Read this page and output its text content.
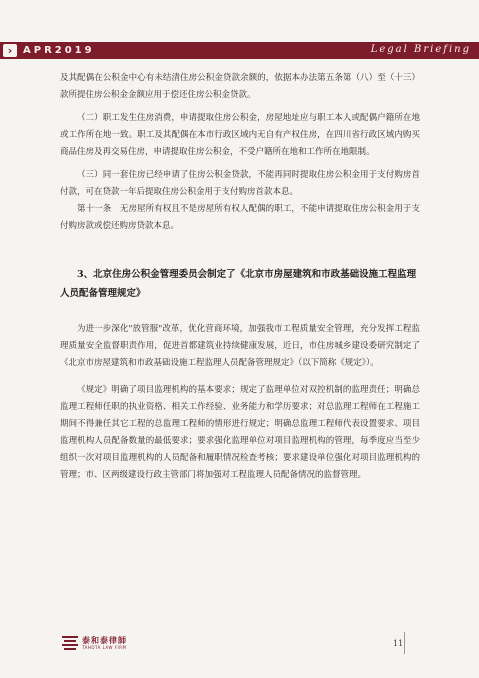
›	APR2019	Legal Briefing

及其配偶在公积金中心有未结清住房公积金贷款余额的，依据本办法第五条第（八）至（十三）款所提住房公积金金额应用于偿还住房公积金贷款。

（二）职工发生住房消费，申请提取住房公积金，房屋地址应与职工本人或配偶户籍所在地或工作所在地一致。职工及其配偶在本市行政区域内无自有产权住房，在四川省行政区域内购买商品住房及再交易住房，申请提取住房公积金，不受户籍所在地和工作所在地限制。

（三）同一套住房已经申请了住房公积金贷款，不能再同时提取住房公积金用于支付购房首付款，可在贷款一年后提取住房公积金用于支付购房首款本息。

第十一条　无房屋所有权且不是房屋所有权人配偶的职工，不能申请提取住房公积金用于支付购房款或偿还购房贷款本息。

3、北京住房公积金管理委员会制定了《北京市房屋建筑和市政基础设施工程监理人员配备管理规定》

为进一步深化"放管服"改革，优化营商环境，加强我市工程质量安全管理，充分发挥工程监理质量安全监督职责作用，促进首都建筑业持续健康发展，近日，市住房城乡建设委研究制定了《北京市房屋建筑和市政基础设施工程监理人员配备管理规定》（以下简称《规定》）。

《规定》明确了项目监理机构的基本要求；规定了监理单位对双控机制的监理责任；明确总监理工程师任职的执业资格、相关工作经验、业务能力和学历要求；对总监理工程师在工程施工期间不得兼任其它工程的总监理工程师的情形进行规定；明确总监理工程师代表设置要求、项目监理机构人员配备数量的最低要求；要求强化监理单位对项目监理机构的管理，每季度应当至少组织一次对项目监理机构的人员配备和履职情况检查考核；要求建设单位强化对项目监理机构的管理；市、区两级建设行政主管部门将加强对工程监理人员配备情况的监督管理。

泰和泰律師
TAHOTA LAW FIRM	11
